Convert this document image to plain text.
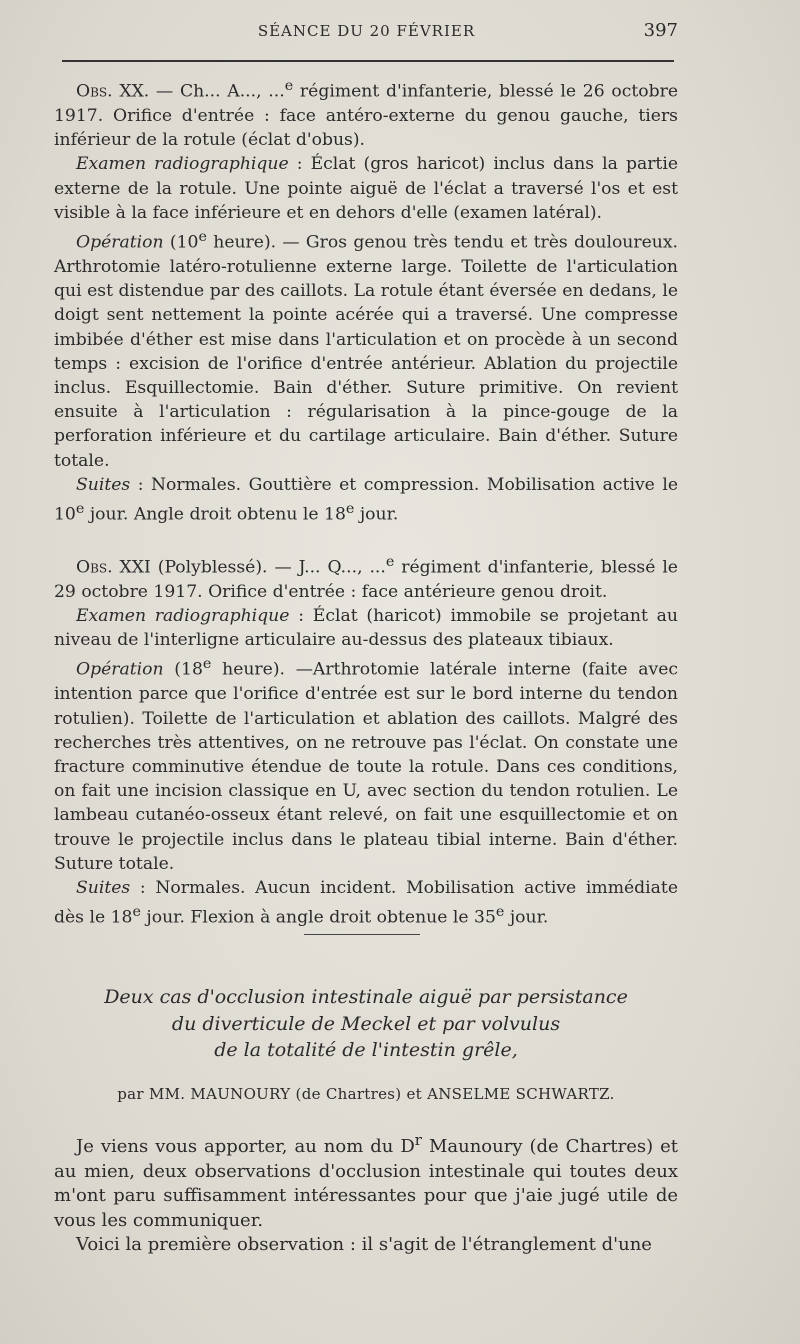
SÉANCE DU 20 FÉVRIER	397

Obs. XX. — Ch... A..., ...$^e$ régiment d'infanterie, blessé le 26 octobre 1917. Orifice d'entrée : face antéro-externe du genou gauche, tiers inférieur de la rotule (éclat d'obus).

Examen radiographique : Éclat (gros haricot) inclus dans la partie externe de la rotule. Une pointe aiguë de l'éclat a traversé l'os et est visible à la face inférieure et en dehors d'elle (examen latéral).

Opération (10e heure). — Gros genou très tendu et très douloureux. Arthrotomie latéro-rotulienne externe large. Toilette de l'articulation qui est distendue par des caillots. La rotule étant éversée en dedans, le doigt sent nettement la pointe acérée qui a traversé. Une compresse imbibée d'éther est mise dans l'articulation et on procède à un second temps : excision de l'orifice d'entrée antérieur. Ablation du projectile inclus. Esquillectomie. Bain d'éther. Suture primitive. On revient ensuite à l'articulation : régularisation à la pince-gouge de la perforation inférieure et du cartilage articulaire. Bain d'éther. Suture totale.

Suites : Normales. Gouttière et compression. Mobilisation active le 10e jour. Angle droit obtenu le 18e jour.

Obs. XXI (Polyblessé). — J... Q..., ...$^e$ régiment d'infanterie, blessé le 29 octobre 1917. Orifice d'entrée : face antérieure genou droit.

Examen radiographique : Éclat (haricot) immobile se projetant au niveau de l'interligne articulaire au-dessus des plateaux tibiaux.

Opération (18e heure). —Arthrotomie latérale interne (faite avec intention parce que l'orifice d'entrée est sur le bord interne du tendon rotulien). Toilette de l'articulation et ablation des caillots. Malgré des recherches très attentives, on ne retrouve pas l'éclat. On constate une fracture comminutive étendue de toute la rotule. Dans ces conditions, on fait une incision classique en U, avec section du tendon rotulien. Le lambeau cutanéo-osseux étant relevé, on fait une esquillectomie et on trouve le projectile inclus dans le plateau tibial interne. Bain d'éther. Suture totale.

Suites : Normales. Aucun incident. Mobilisation active immédiate dès le 18e jour. Flexion à angle droit obtenue le 35e jour.

Deux cas d'occlusion intestinale aiguë par persistance
du diverticule de Meckel et par volvulus
de la totalité de l'intestin grêle,
par MM. MAUNOURY (de Chartres) et ANSELME SCHWARTZ.

Je viens vous apporter, au nom du $D^r$ Maunoury (de Chartres) et au mien, deux observations d'occlusion intestinale qui toutes deux m'ont paru suffisamment intéressantes pour que j'aie jugé utile de vous les communiquer.

Voici la première observation : il s'agit de l'étranglement d'une
